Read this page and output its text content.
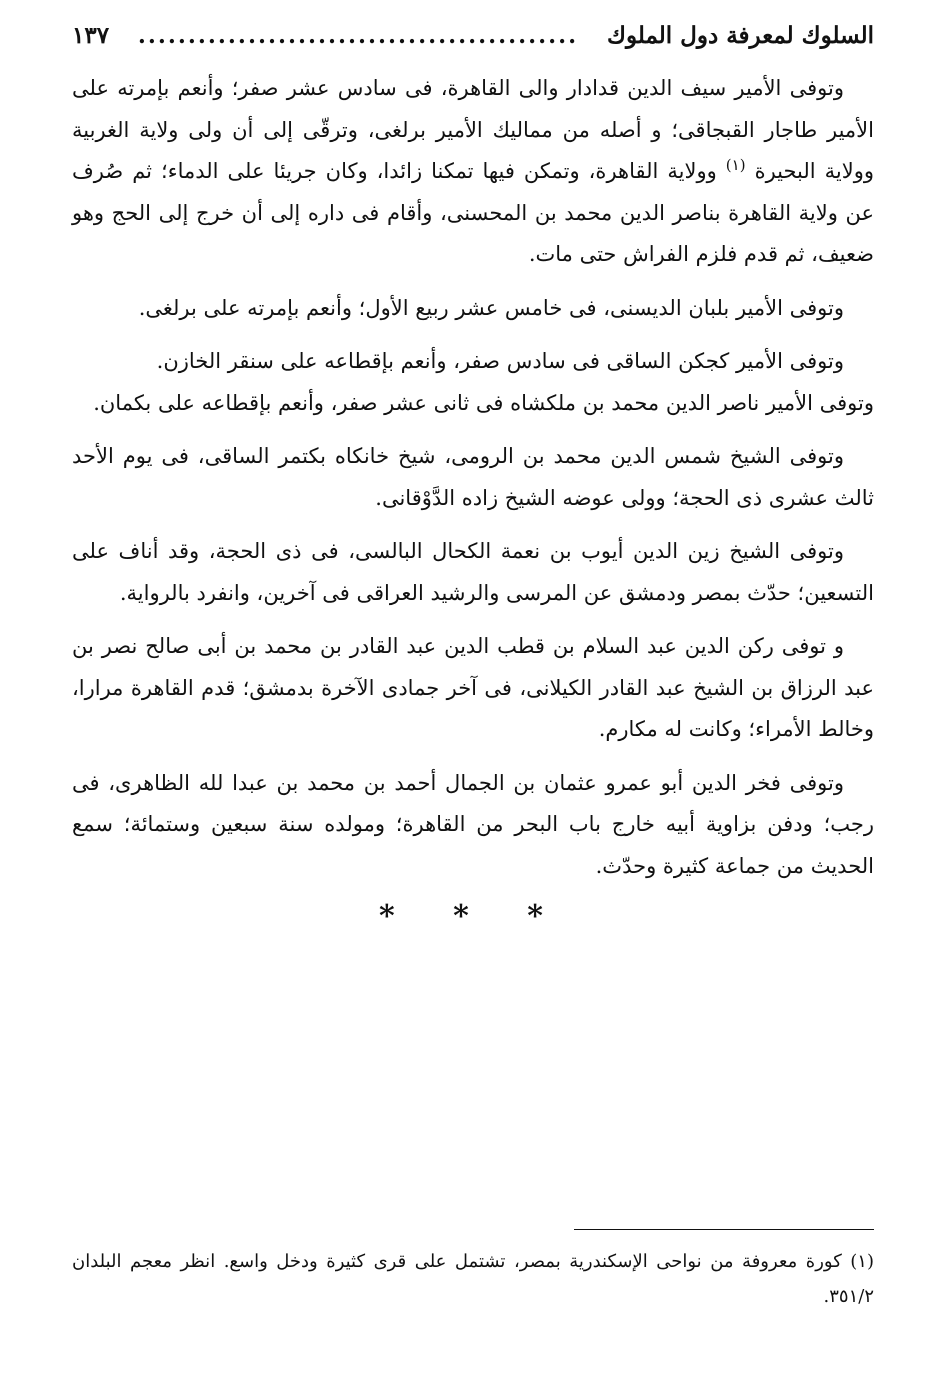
السلوك لمعرفة دول الملوك
............................................
١٣٧

وتوفى الأمير سيف الدين قدادار والى القاهرة، فى سادس عشر صفر؛ وأنعم بإمرته على الأمير طاجار القبجاقى؛ و أصله من مماليك الأمير برلغى، وترقّى إلى أن ولى ولاية الغربية وولاية البحيرة $^{(١)}$ وولاية القاهرة، وتمكن فيها تمكنا زائدا، وكان جريئا على الدماء؛ ثم صُرف عن ولاية القاهرة بناصر الدين محمد بن المحسنى، وأقام فى داره إلى أن خرج إلى الحج وهو ضعيف، ثم قدم فلزم الفراش حتى مات.

وتوفى الأمير بلبان الديسنى، فى خامس عشر ربيع الأول؛ وأنعم بإمرته على برلغى.

وتوفى الأمير كجكن الساقى فى سادس صفر، وأنعم بإقطاعه على سنقر الخازن.

وتوفى الأمير ناصر الدين محمد بن ملكشاه فى ثانى عشر صفر، وأنعم بإقطاعه على بكمان.

وتوفى الشيخ شمس الدين محمد بن الرومى، شيخ خانكاه بكتمر الساقى، فى يوم الأحد ثالث عشرى ذى الحجة؛ وولى عوضه الشيخ زاده الدَّوْقانى.

وتوفى الشيخ زين الدين أيوب بن نعمة الكحال البالسى، فى ذى الحجة، وقد أناف على التسعين؛ حدّث بمصر ودمشق عن المرسى والرشيد العراقى فى آخرين، وانفرد بالرواية.

و توفى ركن الدين عبد السلام بن قطب الدين عبد القادر بن محمد بن أبى صالح نصر بن عبد الرزاق بن الشيخ عبد القادر الكيلانى، فى آخر جمادى الآخرة بدمشق؛ قدم القاهرة مرارا، وخالط الأمراء؛ وكانت له مكارم.

وتوفى فخر الدين أبو عمرو عثمان بن الجمال أحمد بن محمد بن عبدا لله الظاهرى، فى رجب؛ ودفن بزاوية أبيه خارج باب البحر من القاهرة؛ ومولده سنة سبعين وستمائة؛ سمع الحديث من جماعة كثيرة وحدّث.

* * *
(١) كورة معروفة من نواحى الإسكندرية بمصر، تشتمل على قرى كثيرة ودخل واسع. انظر معجم البلدان ٣٥١/٢.
